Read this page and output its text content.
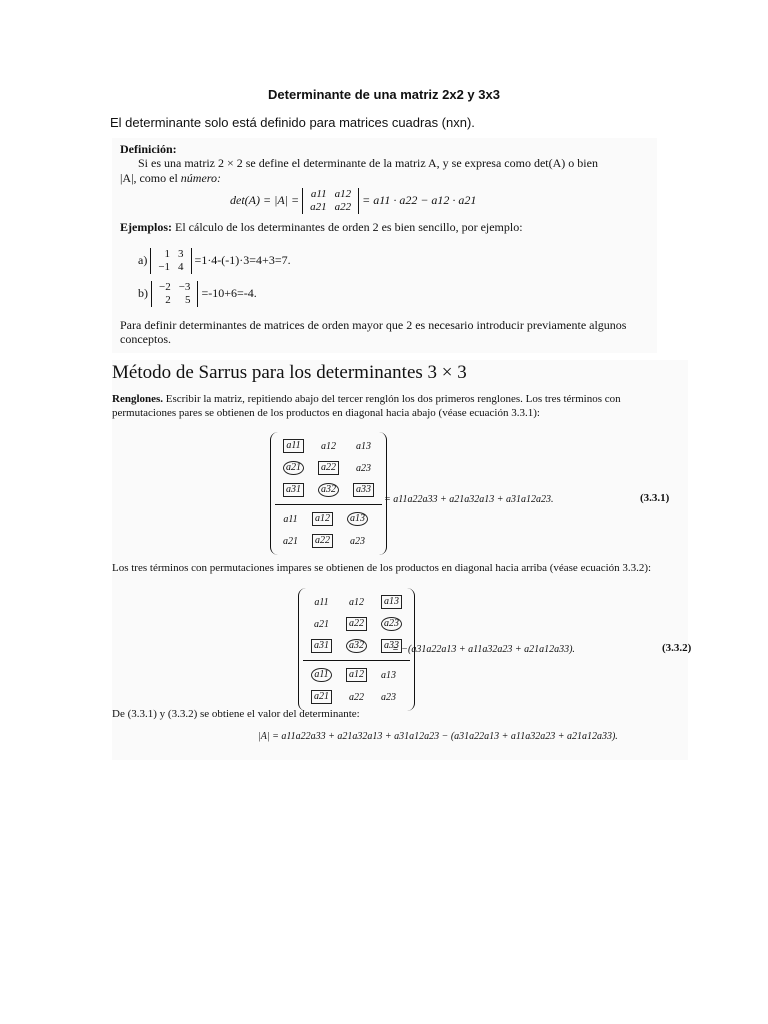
Determinante de una matriz 2x2 y 3x3
El determinante solo está definido para matrices cuadras (nxn).
Definición:
Si es una matriz 2 × 2 se define el determinante de la matriz A, y se expresa como det(A) o bien
|A|, como el número:
det(A) = |A| = a11	a12
a21	a22
= a11 · a22 − a12 · a21
Ejemplos: El cálculo de los determinantes de orden 2 es bien sencillo, por ejemplo:
a) 1	3
−1	4
=1·4-(-1)·3=4+3=7.
b) −2	−3
2	5
=-10+6=-4.
Para definir determinantes de matrices de orden mayor que 2 es necesario introducir previamente algunos conceptos.
Método de Sarrus para los determinantes 3 × 3
Renglones. Escribir la matriz, repitiendo abajo del tercer renglón los dos primeros renglones. Los tres términos con permutaciones pares se obtienen de los productos en diagonal hacia abajo (véase ecuación 3.3.1):
a11	a12	a13
a21	a22	a23
a31	a32	a33
a11	a12	a13
a21	a22	a23
= a11a22a33 + a21a32a13 + a31a12a23.	(3.3.1)
Los tres términos con permutaciones impares se obtienen de los productos en diagonal hacia arriba (véase ecuación 3.3.2):
a11	a12	a13
a21	a22	a23
a31	a32	a33
a11	a12	a13
a21	a22	a23
= −(a31a22a13 + a11a32a23 + a21a12a33).	(3.3.2)
De (3.3.1) y (3.3.2) se obtiene el valor del determinante:
|A| = a11a22a33 + a21a32a13 + a31a12a23 − (a31a22a13 + a11a32a23 + a21a12a33).
